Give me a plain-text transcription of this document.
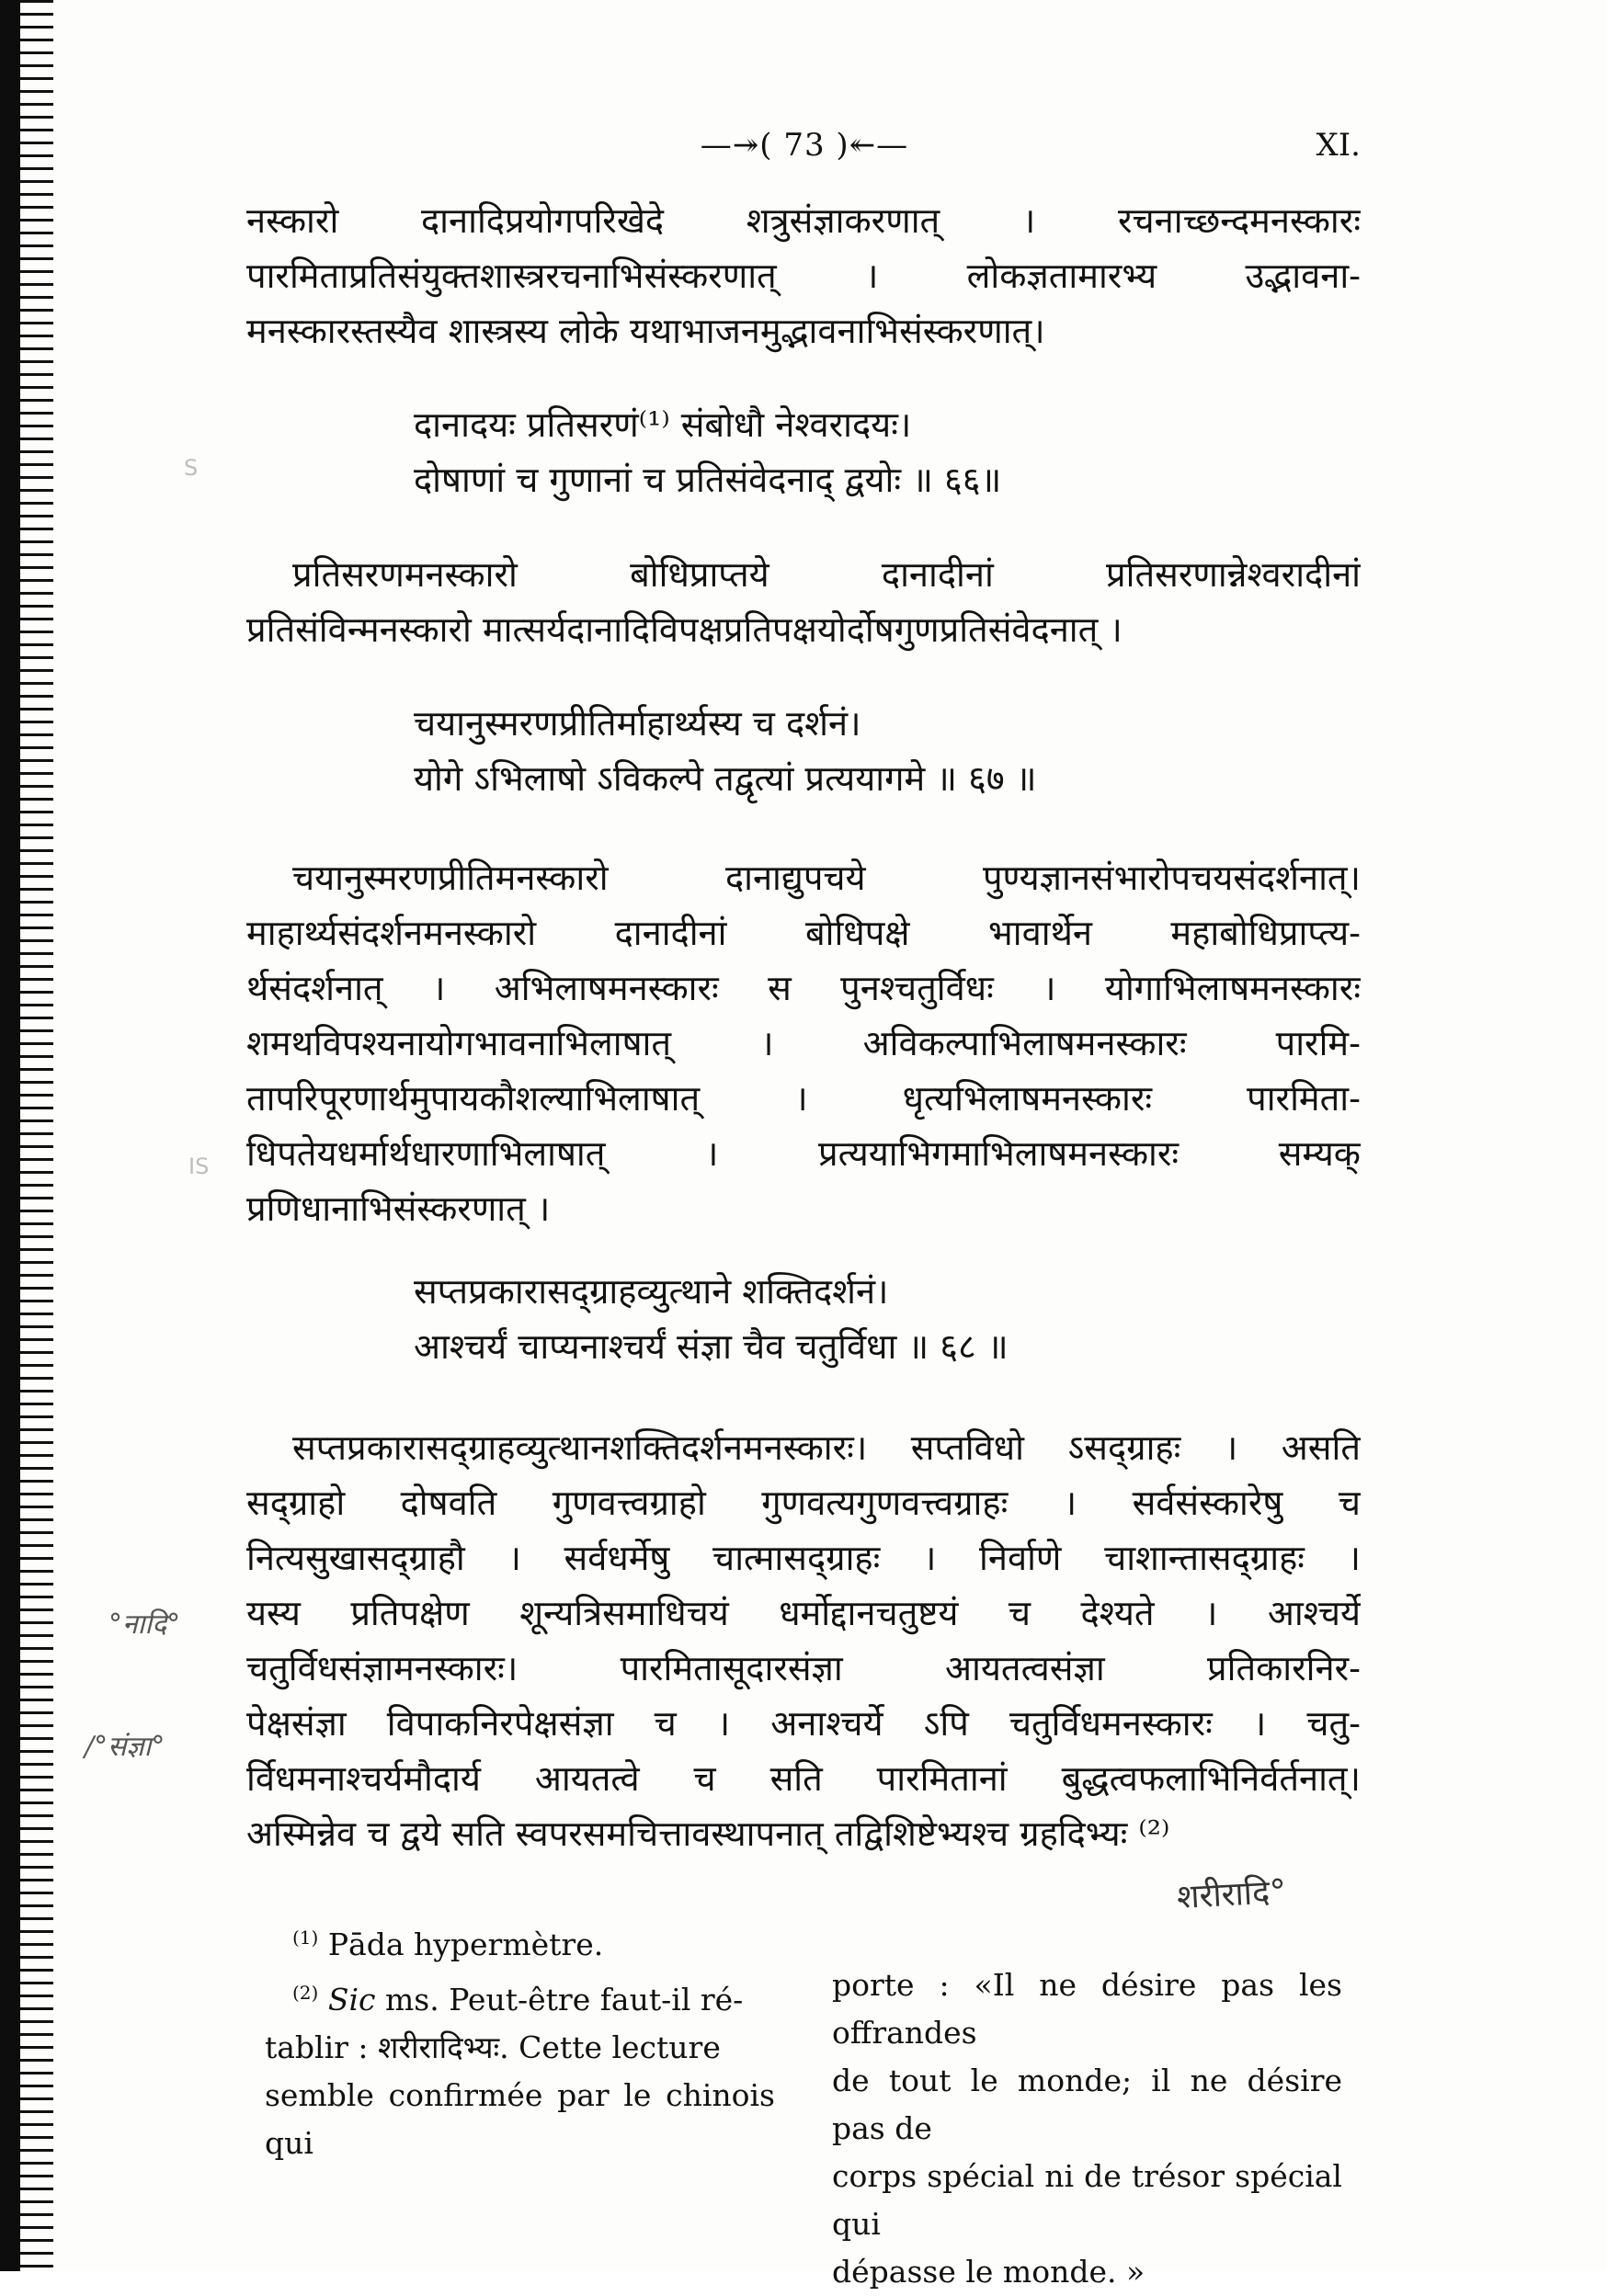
—↠( 73 )↞—	XI.
नस्कारो दानादिप्रयोगपरिखेदे शत्रुसंज्ञाकरणात् । रचनाच्छन्दमनस्कारः
पारमिताप्रतिसंयुक्तशास्त्ररचनाभिसंस्करणात् । लोकज्ञतामारभ्य उद्भावना-
मनस्कारस्तस्यैव शास्त्रस्य लोके यथाभाजनमुद्भावनाभिसंस्करणात्।
दानादयः प्रतिसरणं⁽¹⁾ संबोधौ नेश्वरादयः।
दोषाणां च गुणानां च प्रतिसंवेदनाद् द्वयोः ॥ ६६॥
प्रतिसरणमनस्कारो बोधिप्राप्तये दानादीनां प्रतिसरणान्नेश्वरादीनां
प्रतिसंविन्मनस्कारो मात्सर्यदानादिविपक्षप्रतिपक्षयोर्दोषगुणप्रतिसंवेदनात् ।
चयानुस्मरणप्रीतिर्माहार्थ्यस्य च दर्शनं।
योगे ऽभिलाषो ऽविकल्पे तद्वृत्यां प्रत्ययागमे ॥ ६७ ॥
चयानुस्मरणप्रीतिमनस्कारो दानाद्युपचये पुण्यज्ञानसंभारोपचयसंदर्शनात्।
माहार्थ्यसंदर्शनमनस्कारो दानादीनां बोधिपक्षे भावार्थेन महाबोधिप्राप्त्य-
र्थसंदर्शनात् । अभिलाषमनस्कारः स पुनश्चतुर्विधः । योगाभिलाषमनस्कारः
शमथविपश्यनायोगभावनाभिलाषात् । अविकल्पाभिलाषमनस्कारः पारमि-
तापरिपूरणार्थमुपायकौशल्याभिलाषात् । धृत्यभिलाषमनस्कारः पारमिता-
धिपतेयधर्मार्थधारणाभिलाषात् । प्रत्ययाभिगमाभिलाषमनस्कारः सम्यक्
प्रणिधानाभिसंस्करणात् ।
सप्तप्रकारासद्ग्राहव्युत्थाने शक्तिदर्शनं।
आश्चर्यं चाप्यनाश्चर्यं संज्ञा चैव चतुर्विधा ॥ ६८ ॥
सप्तप्रकारासद्ग्राहव्युत्थानशक्तिदर्शनमनस्कारः। सप्तविधो ऽसद्ग्राहः । असति
सद्ग्राहो दोषवति गुणवत्त्वग्राहो गुणवत्यगुणवत्त्वग्राहः । सर्वसंस्कारेषु च
नित्यसुखासद्ग्राहौ । सर्वधर्मेषु चात्मासद्ग्राहः । निर्वाणे चाशान्तासद्ग्राहः ।
यस्य प्रतिपक्षेण शून्यत्रिसमाधिचयं धर्मोद्दानचतुष्टयं च देश्यते । आश्चर्ये
चतुर्विधसंज्ञामनस्कारः। पारमितासूदारसंज्ञा आयतत्वसंज्ञा प्रतिकारनिर-
पेक्षसंज्ञा विपाकनिरपेक्षसंज्ञा च । अनाश्चर्ये ऽपि चतुर्विधमनस्कारः । चतु-
र्विधमनाश्चर्यमौदार्य आयतत्वे च सति पारमितानां बुद्धत्वफलाभिनिर्वर्तनात्।
अस्मिन्नेव च द्वये सति स्वपरसमचित्तावस्थापनात् तद्विशिष्टेभ्यश्च ग्रहदिभ्यः ⁽²⁾
°नादि°
/°संज्ञा°
शरीरादि°
S
IS

$^{(1)}$ Pāda hypermètre.

$^{(2)}$ Sic ms. Peut-être faut-il ré-

tablir : शरीरादिभ्यः. Cette lecture

semble confirmée par le chinois qui

porte : «Il ne désire pas les offrandes

de tout le monde; il ne désire pas de

corps spécial ni de trésor spécial qui

dépasse le monde. »
